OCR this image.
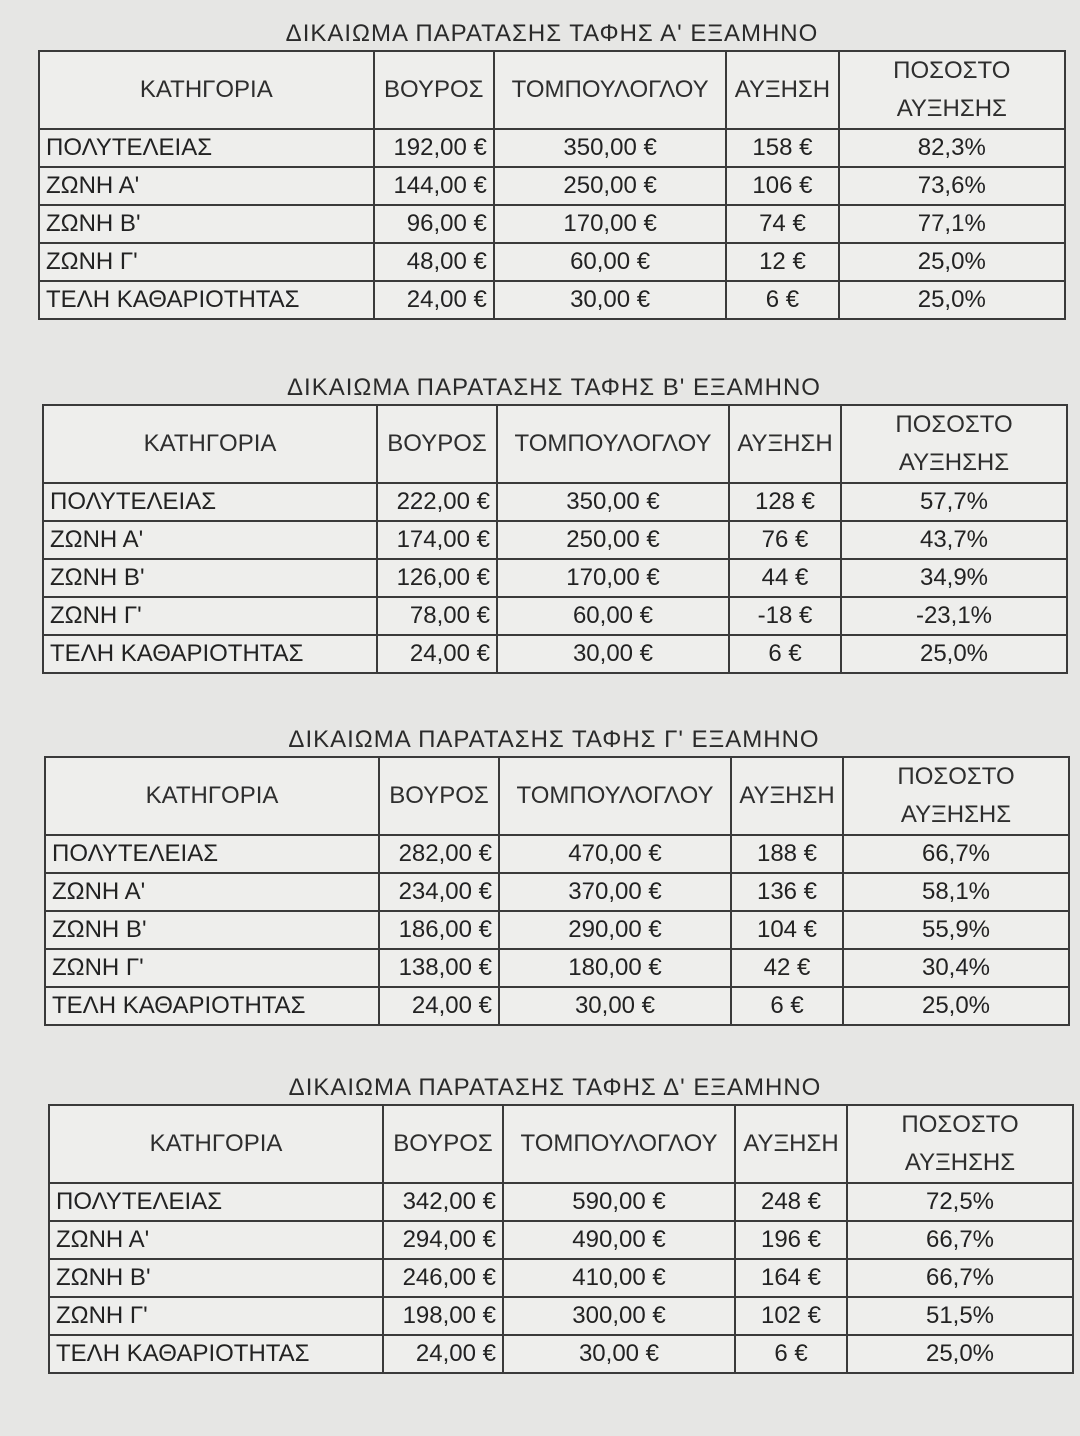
ΔΙΚΑΙΩΜΑ ΠΑΡΑΤΑΣΗΣ ΤΑΦΗΣ Α' ΕΞΑΜΗΝΟ
ΚΑΤΗΓΟΡΙΑ	ΒΟΥΡΟΣ	ΤΟΜΠΟΥΛΟΓΛΟΥ	ΑΥΞΗΣΗ	ΠΟΣΟΣΤΟ
ΑΥΞΗΣΗΣ

ΠΟΛΥΤΕΛΕΙΑΣ	192,00 €	350,00 €	158 €	82,3%
ΖΩΝΗ Α'	144,00 €	250,00 €	106 €	73,6%
ΖΩΝΗ Β'	96,00 €	170,00 €	74 €	77,1%
ΖΩΝΗ Γ'	48,00 €	60,00 €	12 €	25,0%
ΤΕΛΗ ΚΑΘΑΡΙΟΤΗΤΑΣ	24,00 €	30,00 €	6 €	25,0%
ΔΙΚΑΙΩΜΑ ΠΑΡΑΤΑΣΗΣ ΤΑΦΗΣ Β' ΕΞΑΜΗΝΟ
ΚΑΤΗΓΟΡΙΑ	ΒΟΥΡΟΣ	ΤΟΜΠΟΥΛΟΓΛΟΥ	ΑΥΞΗΣΗ	ΠΟΣΟΣΤΟ
ΑΥΞΗΣΗΣ

ΠΟΛΥΤΕΛΕΙΑΣ	222,00 €	350,00 €	128 €	57,7%
ΖΩΝΗ Α'	174,00 €	250,00 €	76 €	43,7%
ΖΩΝΗ Β'	126,00 €	170,00 €	44 €	34,9%
ΖΩΝΗ Γ'	78,00 €	60,00 €	-18 €	-23,1%
ΤΕΛΗ ΚΑΘΑΡΙΟΤΗΤΑΣ	24,00 €	30,00 €	6 €	25,0%
ΔΙΚΑΙΩΜΑ ΠΑΡΑΤΑΣΗΣ ΤΑΦΗΣ Γ' ΕΞΑΜΗΝΟ
ΚΑΤΗΓΟΡΙΑ	ΒΟΥΡΟΣ	ΤΟΜΠΟΥΛΟΓΛΟΥ	ΑΥΞΗΣΗ	ΠΟΣΟΣΤΟ
ΑΥΞΗΣΗΣ

ΠΟΛΥΤΕΛΕΙΑΣ	282,00 €	470,00 €	188 €	66,7%
ΖΩΝΗ Α'	234,00 €	370,00 €	136 €	58,1%
ΖΩΝΗ Β'	186,00 €	290,00 €	104 €	55,9%
ΖΩΝΗ Γ'	138,00 €	180,00 €	42 €	30,4%
ΤΕΛΗ ΚΑΘΑΡΙΟΤΗΤΑΣ	24,00 €	30,00 €	6 €	25,0%
ΔΙΚΑΙΩΜΑ ΠΑΡΑΤΑΣΗΣ ΤΑΦΗΣ Δ' ΕΞΑΜΗΝΟ
ΚΑΤΗΓΟΡΙΑ	ΒΟΥΡΟΣ	ΤΟΜΠΟΥΛΟΓΛΟΥ	ΑΥΞΗΣΗ	ΠΟΣΟΣΤΟ
ΑΥΞΗΣΗΣ

ΠΟΛΥΤΕΛΕΙΑΣ	342,00 €	590,00 €	248 €	72,5%
ΖΩΝΗ Α'	294,00 €	490,00 €	196 €	66,7%
ΖΩΝΗ Β'	246,00 €	410,00 €	164 €	66,7%
ΖΩΝΗ Γ'	198,00 €	300,00 €	102 €	51,5%
ΤΕΛΗ ΚΑΘΑΡΙΟΤΗΤΑΣ	24,00 €	30,00 €	6 €	25,0%
